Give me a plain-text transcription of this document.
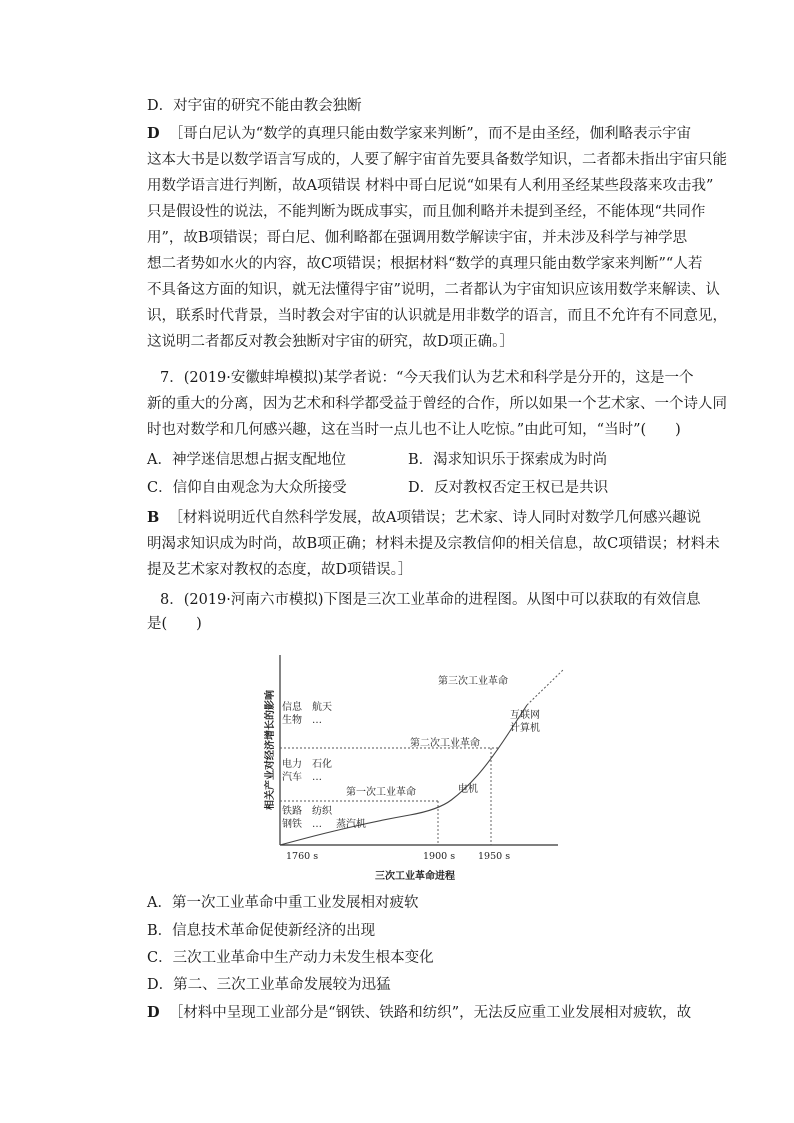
D．对宇宙的研究不能由教会独断
D ［哥白尼认为“数学的真理只能由数学家来判断”，而不是由圣经，伽利略表示宇宙
这本大书是以数学语言写成的，人要了解宇宙首先要具备数学知识，二者都未指出宇宙只能
用数学语言进行判断，故A项错误 材料中哥白尼说“如果有人利用圣经某些段落来攻击我”
只是假设性的说法，不能判断为既成事实，而且伽利略并未提到圣经，不能体现“共同作
用”，故B项错误；哥白尼、伽利略都在强调用数学解读宇宙，并未涉及科学与神学思
想二者势如水火的内容，故C项错误；根据材料“数学的真理只能由数学家来判断”“人若
不具备这方面的知识，就无法懂得宇宙”说明，二者都认为宇宙知识应该用数学来解读、认
识，联系时代背景，当时教会对宇宙的认识就是用非数学的语言，而且不允许有不同意见，
这说明二者都反对教会独断对宇宙的研究，故D项正确。］
7．(2019·安徽蚌埠模拟)某学者说：“今天我们认为艺术和科学是分开的，这是一个
新的重大的分离，因为艺术和科学都受益于曾经的合作，所以如果一个艺术家、一个诗人同
时也对数学和几何感兴趣，这在当时一点儿也不让人吃惊。”由此可知，“当时”(　　)
A．神学迷信思想占据支配地位	B．渴求知识乐于探索成为时尚
C．信仰自由观念为大众所接受	D．反对教权否定王权已是共识
B ［材料说明近代自然科学发展，故A项错误；艺术家、诗人同时对数学几何感兴趣说
明渴求知识成为时尚，故B项正确；材料未提及宗教信仰的相关信息，故C项错误；材料未
提及艺术家对教权的态度，故D项错误。］
8．(2019·河南六市模拟)下图是三次工业革命的进程图。从图中可以获取的有效信息
是(　　)
相关产业对经济增长的影响	第一次工业革命
第二次工业革命
第三次工业革命
蒸汽机
电机
互联网
计算机
铁路　纺织
钢铁　…
电力　石化
汽车　…
信息　航天
生物　…
1760 s	1900 s 1950 s
三次工业革命进程
A．第一次工业革命中重工业发展相对疲软
B．信息技术革命促使新经济的出现
C．三次工业革命中生产动力未发生根本变化
D．第二、三次工业革命发展较为迅猛
D ［材料中呈现工业部分是“钢铁、铁路和纺织”，无法反应重工业发展相对疲软，故
